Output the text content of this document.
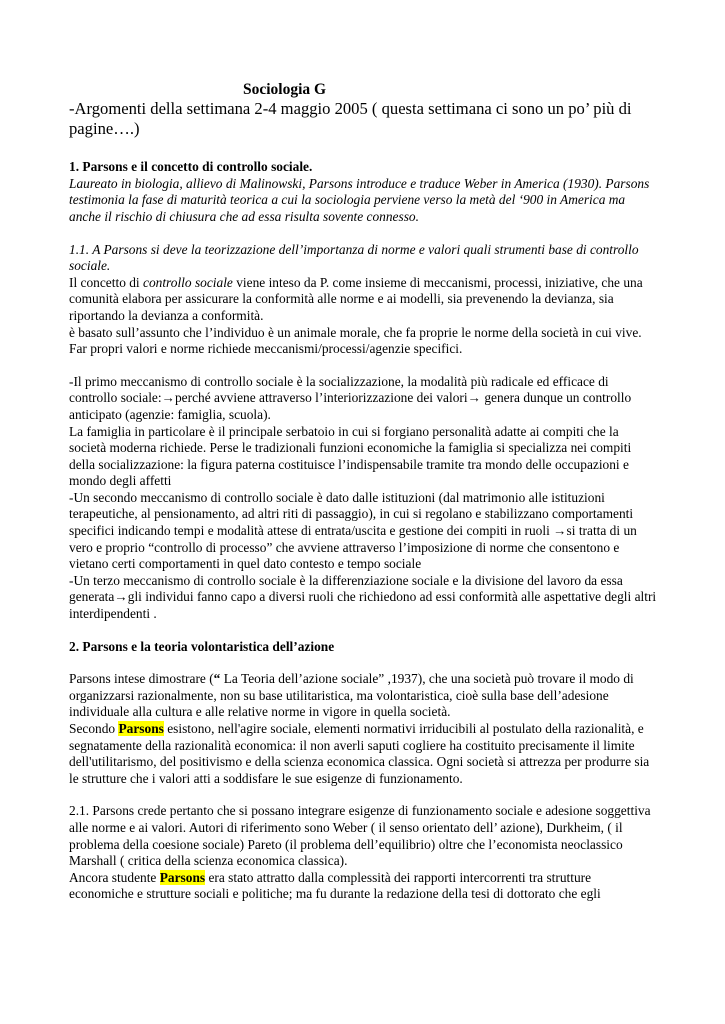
Sociologia G

-Argomenti della settimana 2-4 maggio 2005 ( questa settimana ci sono un po’ più di pagine….)

1. Parsons e il concetto di controllo sociale.

Laureato in biologia, allievo di Malinowski, Parsons introduce e traduce Weber in America (1930). Parsons testimonia la fase di maturità teorica a cui la sociologia perviene verso la metà del ‘900 in America ma anche il rischio di chiusura che ad essa risulta sovente connesso.

1.1. A Parsons si deve la teorizzazione dell’importanza di norme e valori quali strumenti base di controllo sociale.

Il concetto di controllo sociale viene inteso da P. come insieme di meccanismi, processi, iniziative, che una comunità elabora per assicurare la conformità alle norme e ai modelli, sia prevenendo la devianza, sia riportando la devianza a conformità.

è basato sull’assunto che l’individuo è un animale morale, che fa proprie le norme della società in cui vive.

Far propri valori e norme richiede meccanismi/processi/agenzie specifici.

-Il primo meccanismo di controllo sociale è la socializzazione, la modalità più radicale ed efficace di controllo sociale:→perché avviene attraverso l’interiorizzazione dei valori→ genera dunque un controllo anticipato (agenzie: famiglia, scuola).

La famiglia in particolare è il principale serbatoio in cui si forgiano personalità adatte ai compiti che la società moderna richiede. Perse le tradizionali funzioni economiche la famiglia si specializza nei compiti della socializzazione: la figura paterna costituisce l’indispensabile tramite tra mondo delle occupazioni e mondo degli affetti

-Un secondo meccanismo di controllo sociale è dato dalle istituzioni (dal matrimonio alle istituzioni terapeutiche, al pensionamento, ad altri riti di passaggio), in cui si regolano e stabilizzano comportamenti specifici indicando tempi e modalità attese di entrata/uscita e gestione dei compiti in ruoli →si tratta di un vero e proprio “controllo di processo” che avviene attraverso l’imposizione di norme che consentono e vietano certi comportamenti in quel dato contesto e tempo sociale

-Un terzo meccanismo di controllo sociale è la differenziazione sociale e la divisione del lavoro da essa generata→gli individui fanno capo a diversi ruoli che richiedono ad essi conformità alle aspettative degli altri interdipendenti .

2. Parsons e la teoria volontaristica dell’azione

Parsons intese dimostrare (“ La Teoria dell’azione sociale” ,1937), che una società può trovare il modo di organizzarsi razionalmente, non su base utilitaristica, ma volontaristica, cioè sulla base dell’adesione individuale alla cultura e alle relative norme in vigore in quella società.

Secondo Parsons esistono, nell'agire sociale, elementi normativi irriducibili al postulato della razionalità, e segnatamente della razionalità economica: il non averli saputi cogliere ha costituito precisamente il limite dell'utilitarismo, del positivismo e della scienza economica classica. Ogni società si attrezza per produrre sia le strutture che i valori atti a soddisfare le sue esigenze di funzionamento.

2.1. Parsons crede pertanto che si possano integrare esigenze di funzionamento sociale e adesione soggettiva alle norme e ai valori. Autori di riferimento sono Weber ( il senso orientato dell’ azione), Durkheim, ( il problema della coesione sociale) Pareto (il problema dell’equilibrio) oltre che l’economista neoclassico Marshall ( critica della scienza economica classica).

Ancora studente Parsons era stato attratto dalla complessità dei rapporti intercorrenti tra strutture economiche e strutture sociali e politiche; ma fu durante la redazione della tesi di dottorato che egli
